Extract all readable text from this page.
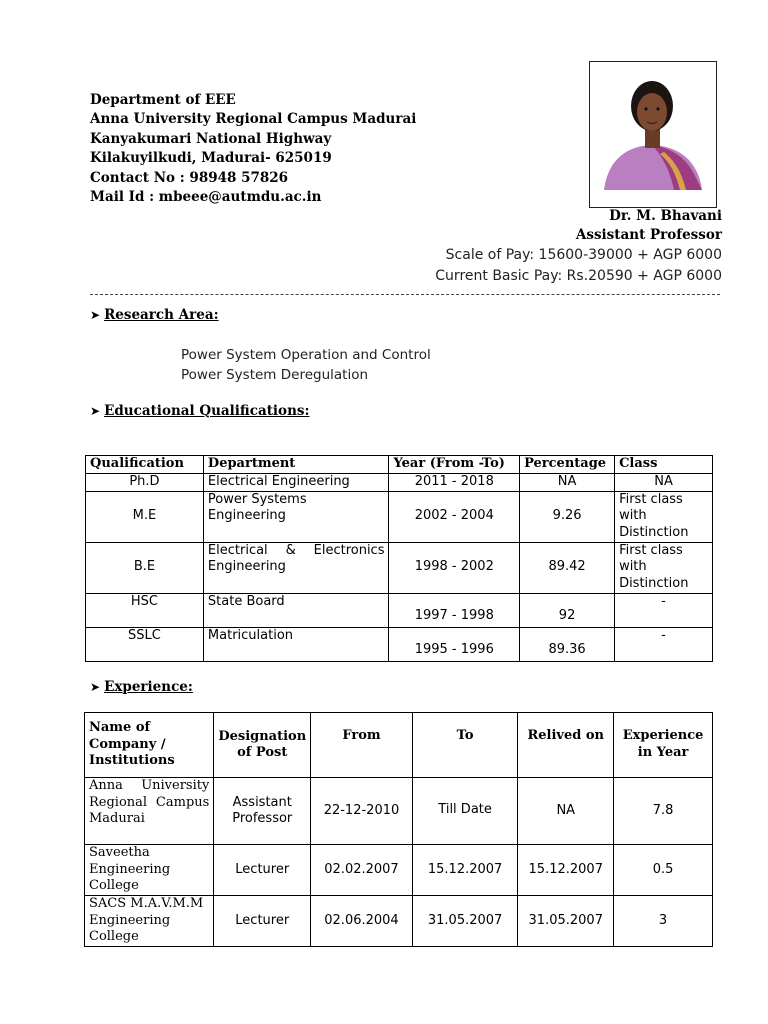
Department of EEE
Anna University Regional Campus Madurai
Kanyakumari National Highway
Kilakuyilkudi, Madurai- 625019
Contact No : 98948 57826
Mail Id : mbeee@autmdu.ac.in
Dr. M. Bhavani
Assistant Professor
Scale of Pay: 15600-39000 + AGP 6000
Current Basic Pay: Rs.20590 + AGP 6000
➤ Research Area:
Power System Operation and Control
Power System Deregulation
➤ Educational Qualifications:
Qualification	Department	Year (From -To)	Percentage	Class
Ph.D	Electrical Engineering	2011 - 2018	NA	NA
M.E	Power Systems Engineering	2002 - 2004	9.26	First class with Distinction
B.E	Electrical & Electronics Engineering	1998 - 2002	89.42	First class with Distinction
HSC	State Board	1997 - 1998	92	-
SSLC	Matriculation	1995 - 1996	89.36	-
➤ Experience:
Name of Company / Institutions	Designation of Post	From	To	Relived on	Experience in Year
Anna University Regional Campus Madurai	Assistant Professor	22-12-2010	Till Date	NA	7.8
Saveetha Engineering College	Lecturer	02.02.2007	15.12.2007	15.12.2007	0.5
SACS M.A.V.M.M Engineering College	Lecturer	02.06.2004	31.05.2007	31.05.2007	3
